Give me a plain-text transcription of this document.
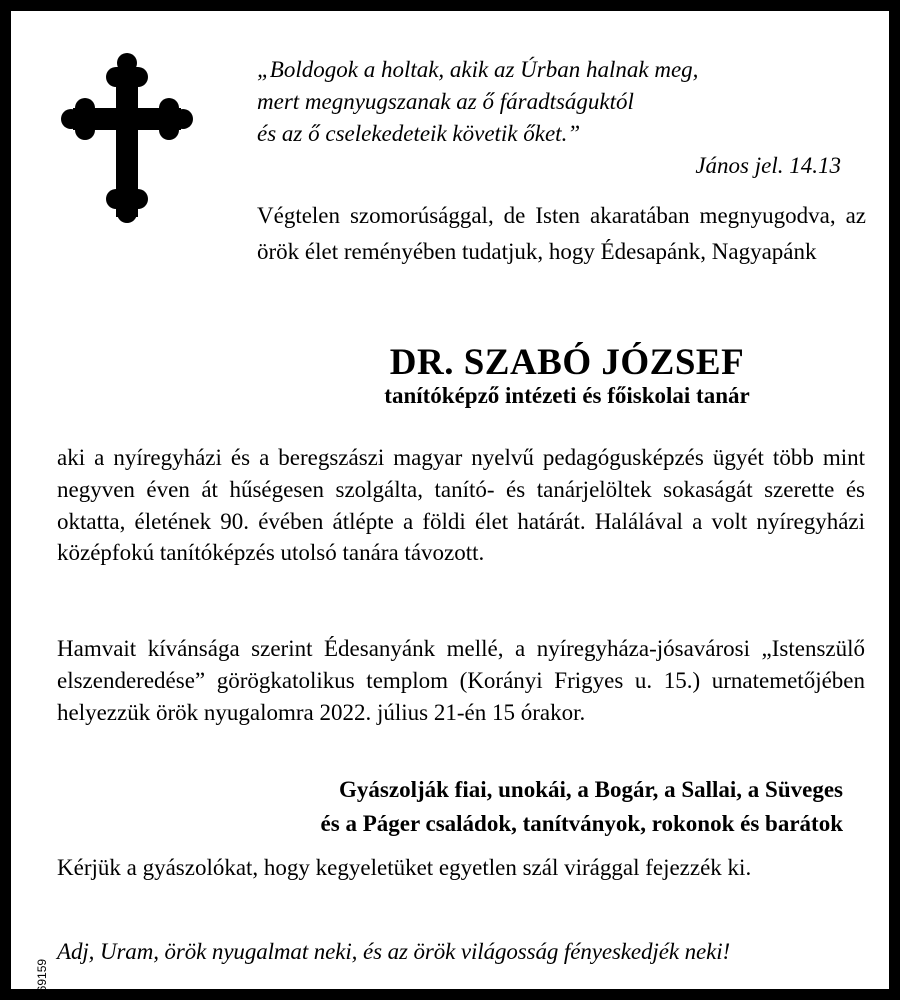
„Boldogok a holtak, akik az Úrban halnak meg,
mert megnyugszanak az ő fáradtságuktól
és az ő cselekedeteik követik őket.”
János jel. 14.13
Végtelen szomorúsággal, de Isten akaratában megnyugodva, az örök élet reményében tudatjuk, hogy Édesapánk, Nagyapánk
DR. SZABÓ JÓZSEF
tanítóképző intézeti és főiskolai tanár
aki a nyíregyházi és a beregszászi magyar nyelvű pedagógusképzés ügyét több mint negyven éven át hűségesen szolgálta, tanító- és tanárjelöltek sokaságát szerette és oktatta, életének 90. évében átlépte a földi élet határát. Halálával a volt nyíregyházi középfokú tanítóképzés utolsó tanára távozott.
Hamvait kívánsága szerint Édesanyánk mellé, a nyíregyháza-jósavárosi „Istenszülő elszenderedése” görögkatolikus templom (Korányi Frigyes u. 15.) urnatemetőjében helyezzük örök nyugalomra 2022. július 21-én 15 órakor.
Gyászolják fiai, unokái, a Bogár, a Sallai, a Süveges
és a Páger családok, tanítványok, rokonok és barátok
Kérjük a gyászolókat, hogy kegyeletüket egyetlen szál virággal fejezzék ki.
Adj, Uram, örök nyugalmat neki, és az örök világosság fényeskedjék neki!
969159
